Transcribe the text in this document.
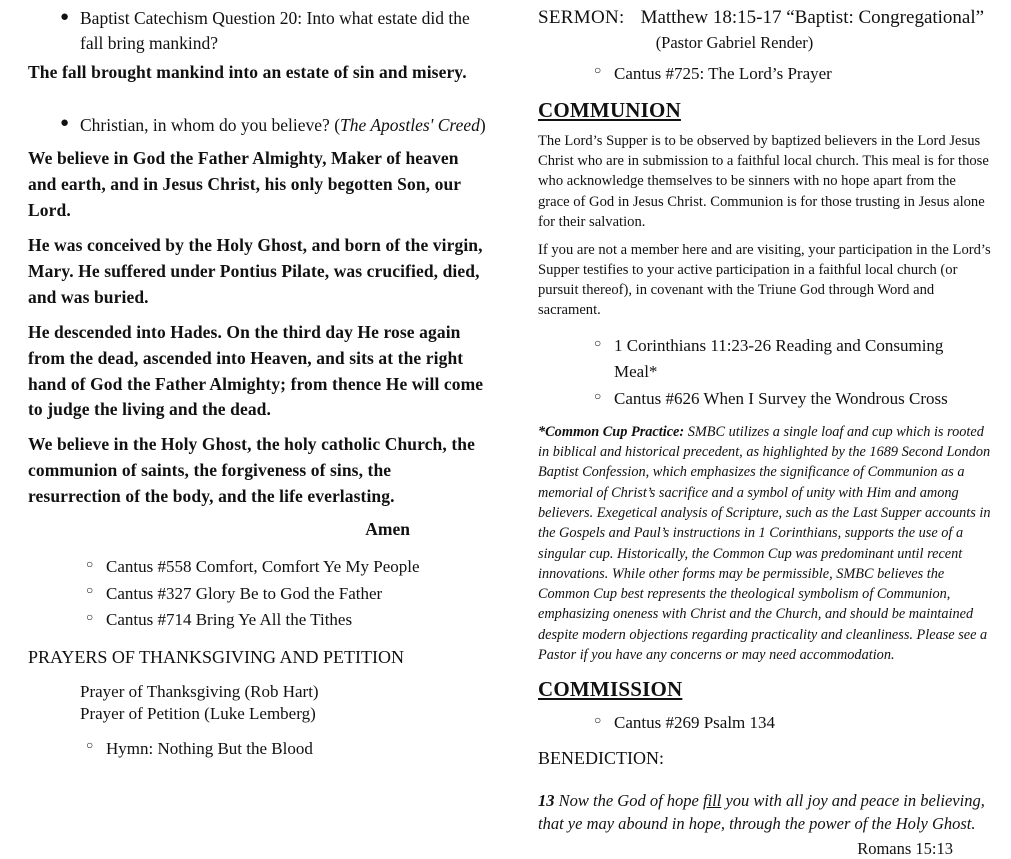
● Baptist Catechism Question 20: Into what estate did the fall bring mankind?
The fall brought mankind into an estate of sin and misery.
● Christian, in whom do you believe? (The Apostles' Creed)
We believe in God the Father Almighty, Maker of heaven and earth, and in Jesus Christ, his only begotten Son, our Lord.
He was conceived by the Holy Ghost, and born of the virgin, Mary. He suffered under Pontius Pilate, was crucified, died, and was buried.
He descended into Hades. On the third day He rose again from the dead, ascended into Heaven, and sits at the right hand of God the Father Almighty; from thence He will come to judge the living and the dead.
We believe in the Holy Ghost, the holy catholic Church, the communion of saints, the forgiveness of sins, the resurrection of the body, and the life everlasting.
Amen
○ Cantus #558 Comfort, Comfort Ye My People
○ Cantus #327 Glory Be to God the Father
○ Cantus #714 Bring Ye All the Tithes
PRAYERS OF THANKSGIVING AND PETITION
Prayer of Thanksgiving (Rob Hart)
Prayer of Petition (Luke Lemberg)
○ Hymn: Nothing But the Blood
SERMON: Matthew 18:15-17 “Baptist: Congregational”
(Pastor Gabriel Render)
○ Cantus #725: The Lord’s Prayer
COMMUNION
The Lord’s Supper is to be observed by baptized believers in the Lord Jesus Christ who are in submission to a faithful local church. This meal is for those who acknowledge themselves to be sinners with no hope apart from the grace of God in Jesus Christ. Communion is for those trusting in Jesus alone for their salvation.
If you are not a member here and are visiting, your participation in the Lord’s Supper testifies to your active participation in a faithful local church (or pursuit thereof), in covenant with the Triune God through Word and sacrament.
○ 1 Corinthians 11:23-26 Reading and Consuming Meal*
○ Cantus #626 When I Survey the Wondrous Cross
*Common Cup Practice: SMBC utilizes a single loaf and cup which is rooted in biblical and historical precedent, as highlighted by the 1689 Second London Baptist Confession, which emphasizes the significance of Communion as a memorial of Christ’s sacrifice and a symbol of unity with Him and among believers. Exegetical analysis of Scripture, such as the Last Supper accounts in the Gospels and Paul’s instructions in 1 Corinthians, supports the use of a singular cup. Historically, the Common Cup was predominant until recent innovations. While other forms may be permissible, SMBC believes the Common Cup best represents the theological symbolism of Communion, emphasizing oneness with Christ and the Church, and should be maintained despite modern objections regarding practicality and cleanliness. Please see a Pastor if you have any concerns or may need accommodation.
COMMISSION
○ Cantus #269 Psalm 134
BENEDICTION:
13 Now the God of hope fill you with all joy and peace in believing, that ye may abound in hope, through the power of the Holy Ghost.
Romans 15:13
